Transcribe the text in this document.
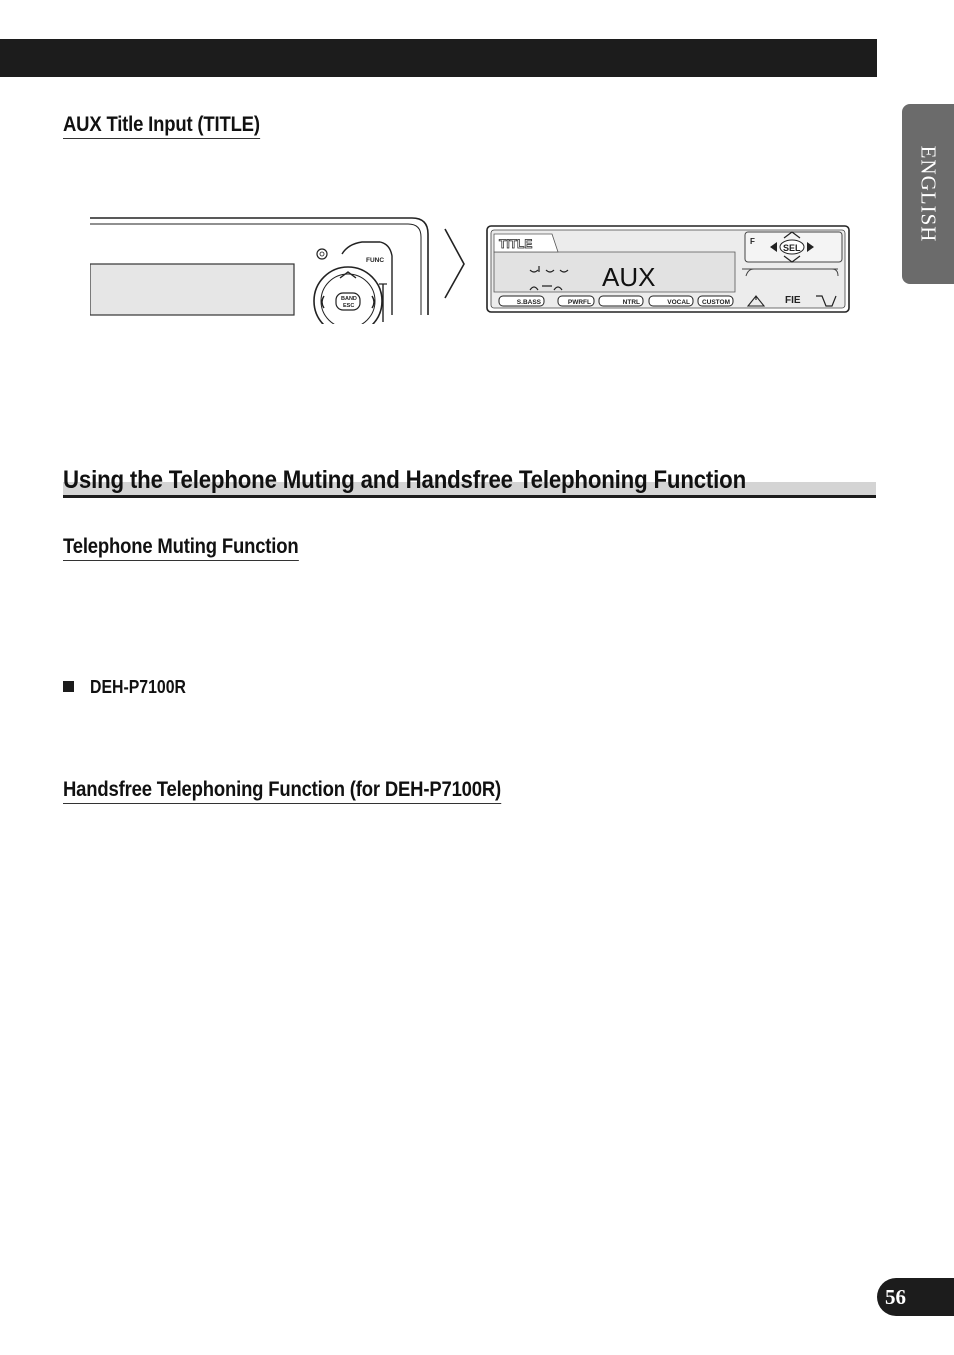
ENGLISH
AUX Title Input (TITLE)
FUNC
BAND
ESC
TITLE
AUX
F
SEL
FIE
S.BASS	PWRFL	NTRL	VOCAL CUSTOM
Using the Telephone Muting and Handsfree Telephoning Function
Telephone Muting Function
DEH-P7100R
Handsfree Telephoning Function (for DEH-P7100R)
56
